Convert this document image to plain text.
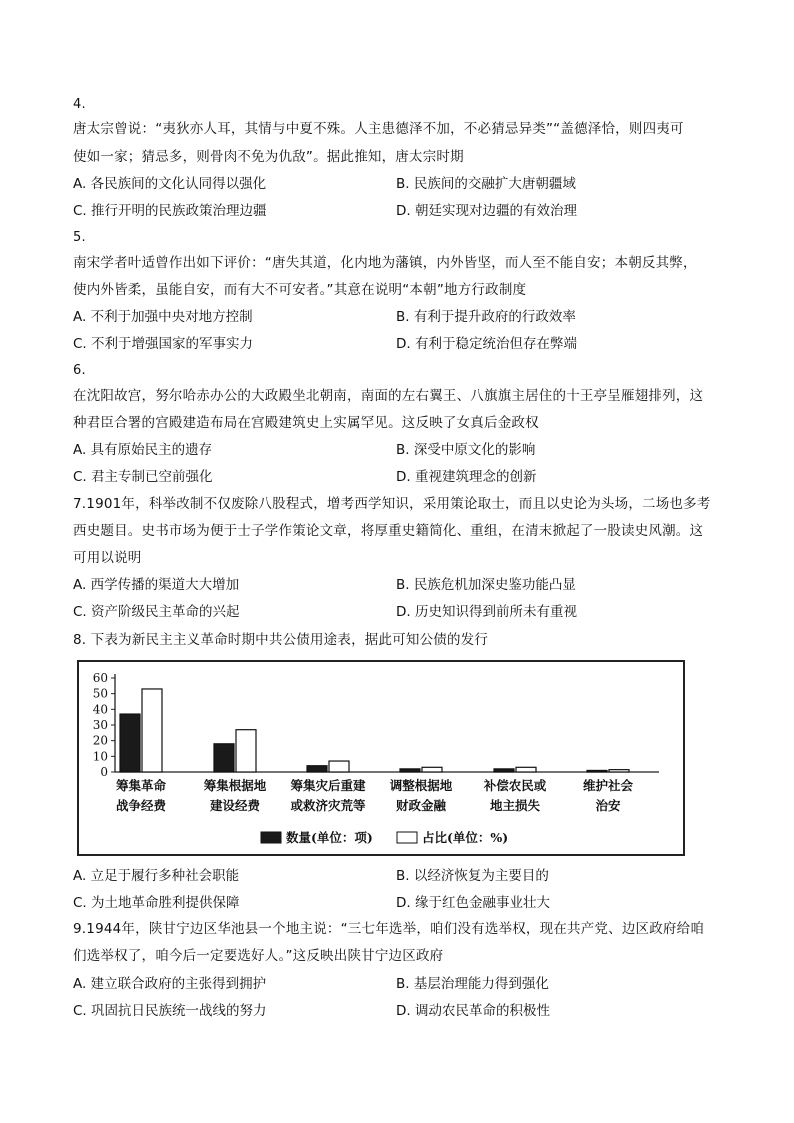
4.
唐太宗曾说：“夷狄亦人耳，其情与中夏不殊。人主患德泽不加，不必猜忌异类”“盖德泽恰，则四夷可
使如一家；猜忌多，则骨肉不免为仇敌”。据此推知，唐太宗时期
A. 各民族间的文化认同得以强化	B. 民族间的交融扩大唐朝疆域
C. 推行开明的民族政策治理边疆	D. 朝廷实现对边疆的有效治理
5.
南宋学者叶适曾作出如下评价：“唐失其道，化内地为藩镇，内外皆坚，而人至不能自安；本朝反其弊，
使内外皆柔，虽能自安，而有大不可安者。”其意在说明“本朝”地方行政制度
A. 不利于加强中央对地方控制	B. 有利于提升政府的行政效率
C. 不利于增强国家的军事实力	D. 有利于稳定统治但存在弊端
6.
在沈阳故宫，努尔哈赤办公的大政殿坐北朝南，南面的左右翼王、八旗旗主居住的十王亭呈雁翅排列，这
种君臣合署的宫殿建造布局在宫殿建筑史上实属罕见。这反映了女真后金政权
A. 具有原始民主的遗存	B. 深受中原文化的影响
C. 君主专制已空前强化	D. 重视建筑理念的创新
7.1901年，科举改制不仅废除八股程式，增考西学知识，采用策论取士，而且以史论为头场，二场也多考
西史题目。史书市场为便于士子学作策论文章，将厚重史籍简化、重组，在清末掀起了一股读史风潮。这
可用以说明
A. 西学传播的渠道大大增加	B. 民族危机加深史鉴功能凸显
C. 资产阶级民主革命的兴起	D. 历史知识得到前所未有重视
8. 下表为新民主主义革命时期中共公债用途表，据此可知公债的发行
0
10
20
30
40
50
60
筹集革命
战争经费
筹集根据地
建设经费
筹集灾后重建
或救济灾荒等
调整根据地
财政金融
补偿农民或
地主损失
维护社会
治安
数量(单位：项)	占比(单位：%)
A. 立足于履行多种社会职能	B. 以经济恢复为主要目的
C. 为土地革命胜利提供保障	D. 缘于红色金融事业壮大
9.1944年，陕甘宁边区华池县一个地主说：“三七年选举，咱们没有选举权，现在共产党、边区政府给咱
们选举权了，咱今后一定要选好人。”这反映出陕甘宁边区政府
A. 建立联合政府的主张得到拥护	B. 基层治理能力得到强化
C. 巩固抗日民族统一战线的努力	D. 调动农民革命的积极性
